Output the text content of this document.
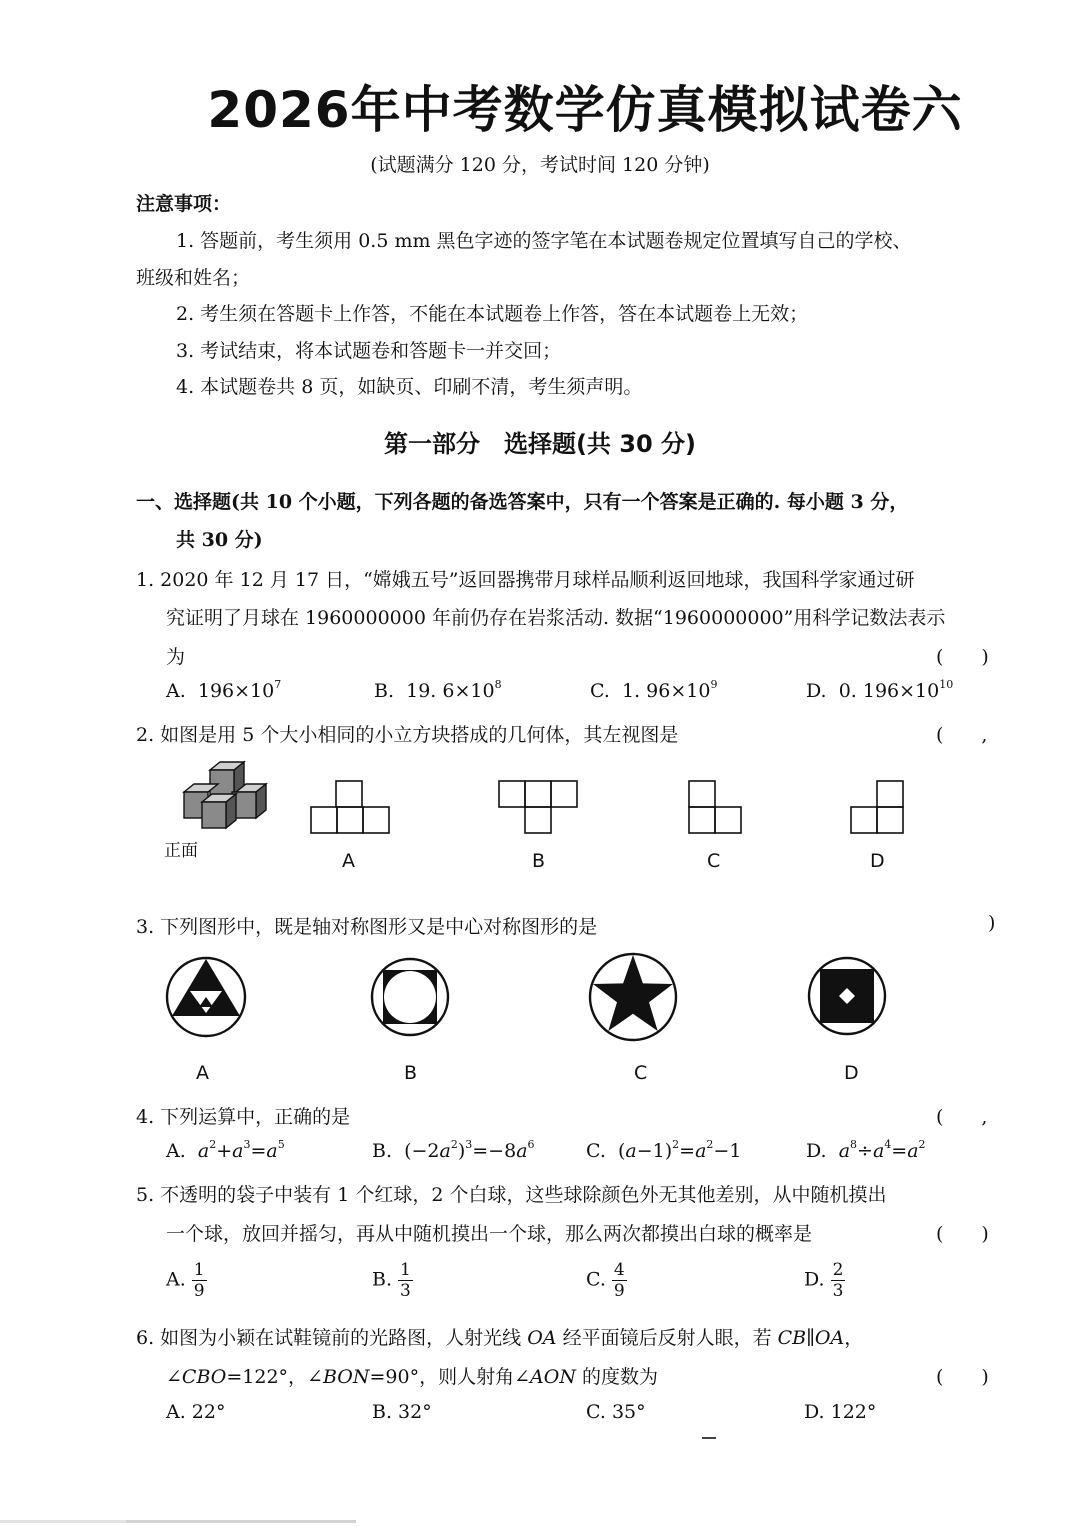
2026年中考数学仿真模拟试卷六
(试题满分 120 分，考试时间 120 分钟)
注意事项：
1. 答题前，考生须用 0.5 mm 黑色字迹的签字笔在本试题卷规定位置填写自己的学校、
班级和姓名；
2. 考生须在答题卡上作答，不能在本试题卷上作答，答在本试题卷上无效；
3. 考试结束，将本试题卷和答题卡一并交回；
4. 本试题卷共 8 页，如缺页、印刷不清，考生须声明。
第一部分　选择题(共 30 分)
一、选择题(共 10 个小题，下列各题的备选答案中，只有一个答案是正确的. 每小题 3 分，
共 30 分)
1. 2020 年 12 月 17 日，“嫦娥五号”返回器携带月球样品顺利返回地球，我国科学家通过研
究证明了月球在 1960000000 年前仍存在岩浆活动. 数据“1960000000”用科学记数法表示
为	(　　)
A. $196\times 10^7$	B. 19. $6\times 10^8$	C. 1. $96\times 10^9$	D. 0. $196\times 10^{10}$
2. 如图是用 5 个大小相同的小立方块搭成的几何体，其左视图是	(　　,
正面	A	B	C	D
3. 下列图形中，既是轴对称图形又是中心对称图形的是	)
A	B	C	D
4. 下列运算中，正确的是	(　　,
A. $a^2+a^3=a^5$	B.  $(-2a^2)^3=-8a^6$	C.  $(a-1)^2=a^2-1$	D. $a^8\div a^4=a^2$
5. 不透明的袋子中装有 1 个红球，2 个白球，这些球除颜色外无其他差别，从中随机摸出
一个球，放回并摇匀，再从中随机摸出一个球，那么两次都摸出白球的概率是	(　　)
A. $\frac{1}{9}$	B. $\frac{1}{3}$	C. $\frac{4}{9}$	D. $\frac{2}{3}$
6. 如图为小颖在试鞋镜前的光路图，人射光线 OA 经平面镜后反射人眼，若 CB∥OA，
∠CBO=122°，∠BON=90°，则人射角∠AON 的度数为	(　　)
A. 22°	B. 32°	C. 35°	D. 122°
